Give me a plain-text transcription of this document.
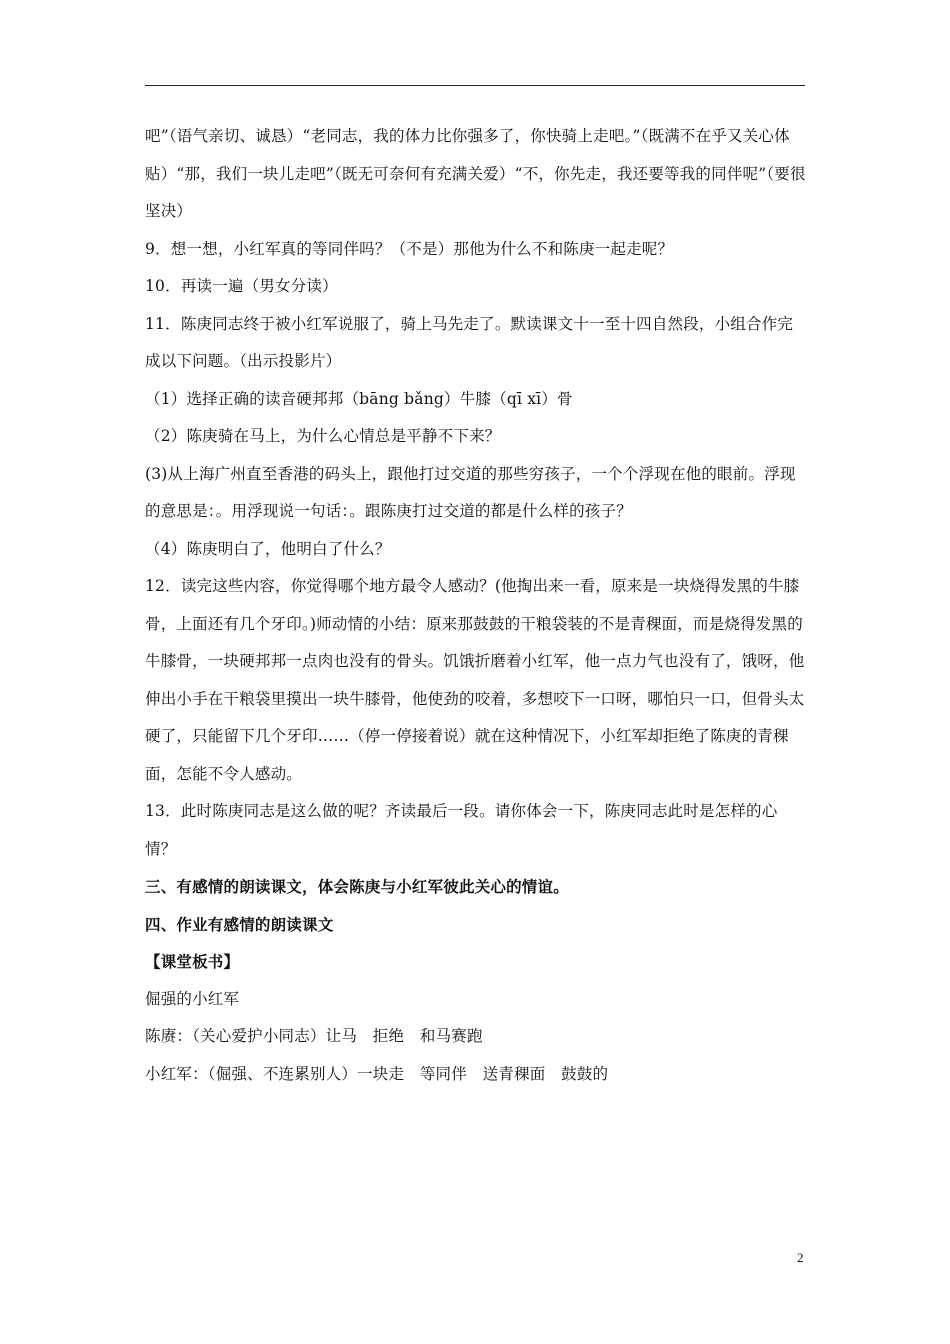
吧”（语气亲切、诚恳）“老同志，我的体力比你强多了，你快骑上走吧。”（既满不在乎又关心体贴）“那，我们一块儿走吧”（既无可奈何有充满关爱）“不，你先走，我还要等我的同伴呢”（要很坚决）

9．想一想，小红军真的等同伴吗？（不是）那他为什么不和陈庚一起走呢？

10．再读一遍（男女分读）

11．陈庚同志终于被小红军说服了，骑上马先走了。默读课文十一至十四自然段，小组合作完成以下问题。（出示投影片）

（1）选择正确的读音硬邦邦（bāng bǎng）牛膝（qī xī）骨

（2）陈庚骑在马上，为什么心情总是平静不下来？

(3)从上海广州直至香港的码头上，跟他打过交道的那些穷孩子，一个个浮现在他的眼前。浮现的意思是：。用浮现说一句话：。跟陈庚打过交道的都是什么样的孩子？

（4）陈庚明白了，他明白了什么？

12．读完这些内容，你觉得哪个地方最令人感动？(他掏出来一看，原来是一块烧得发黑的牛膝骨，上面还有几个牙印。)师动情的小结：原来那鼓鼓的干粮袋装的不是青稞面，而是烧得发黑的牛膝骨，一块硬邦邦一点肉也没有的骨头。饥饿折磨着小红军，他一点力气也没有了，饿呀，他伸出小手在干粮袋里摸出一块牛膝骨，他使劲的咬着，多想咬下一口呀，哪怕只一口，但骨头太硬了，只能留下几个牙印……（停一停接着说）就在这种情况下，小红军却拒绝了陈庚的青稞面，怎能不令人感动。

13．此时陈庚同志是这么做的呢？齐读最后一段。请你体会一下，陈庚同志此时是怎样的心情？

三、有感情的朗读课文，体会陈庚与小红军彼此关心的情谊。

四、作业有感情的朗读课文

【课堂板书】

倔强的小红军

陈赓：（关心爱护小同志）让马　拒绝　和马赛跑

小红军：（倔强、不连累别人）一块走　等同伴　送青稞面　鼓鼓的

2
